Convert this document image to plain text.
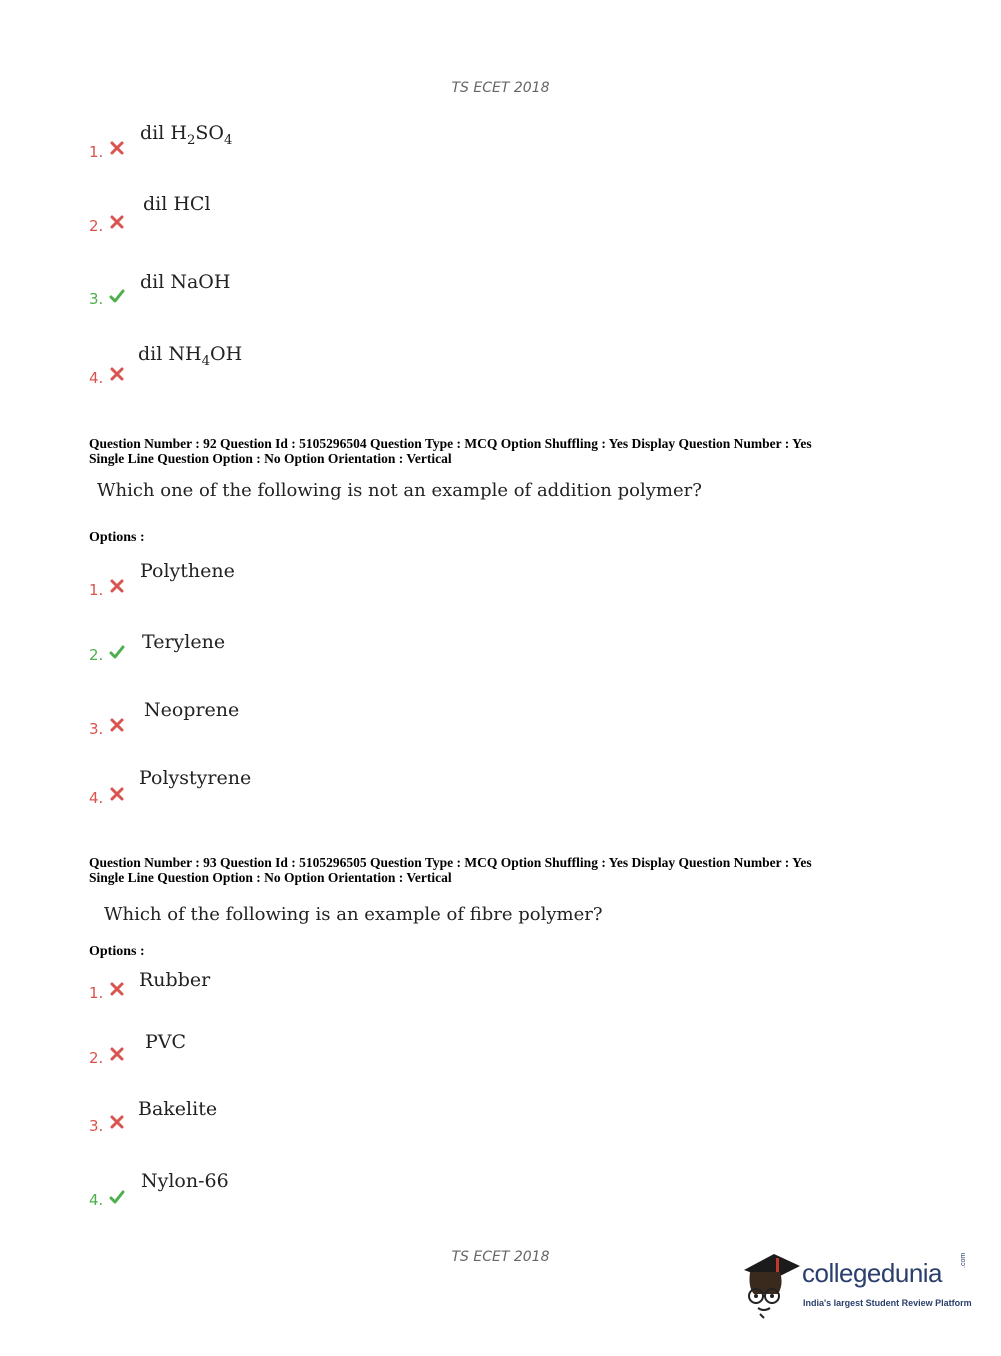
TS ECET 2018
1.
dil $H_2SO_4$
2.
dil HCl
3.
dil NaOH
4.
dil $NH_4OH$
Question Number : 92 Question Id : 5105296504 Question Type : MCQ Option Shuffling : Yes Display Question Number : Yes
Single Line Question Option : No Option Orientation : Vertical
Which one of the following is not an example of addition polymer?
Options :
1.
Polythene
2.
Terylene
3.
Neoprene
4.
Polystyrene
Question Number : 93 Question Id : 5105296505 Question Type : MCQ Option Shuffling : Yes Display Question Number : Yes
Single Line Question Option : No Option Orientation : Vertical
Which of the following is an example of fibre polymer?
Options :
1.
Rubber
2.
PVC
3.
Bakelite
4.
Nylon-66
TS ECET 2018
collegedunia	.com
India's largest Student Review Platform
